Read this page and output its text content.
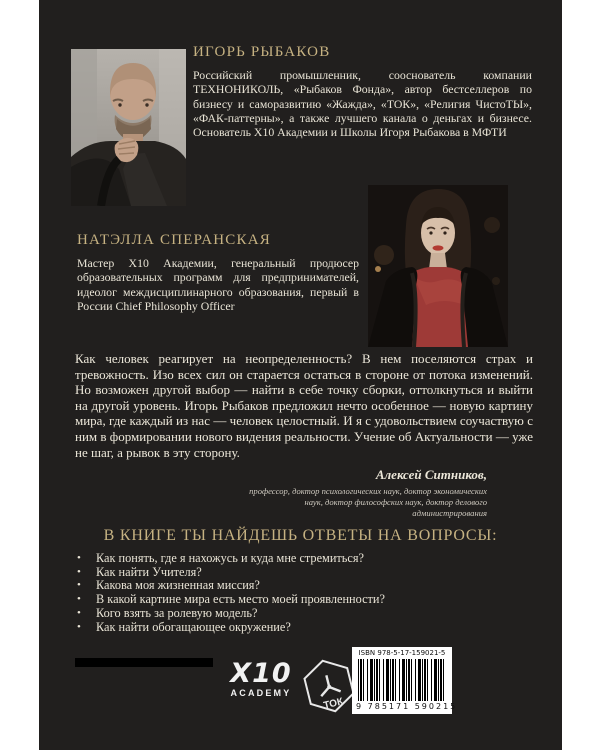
ИГОРЬ РЫБАКОВ
Российский промышленник, сооснователь компании ТЕХНОНИКОЛЬ, «Рыбаков Фонда», автор бестселлеров по бизнесу и саморазвитию «Жажда», «ТОК», «Религия ЧистоТЫ», «ФАК-паттерны», а также лучшего канала о деньгах и бизнесе. Основатель Х10 Академии и Школы Игоря Рыбакова в МФТИ
НАТЭЛЛА СПЕРАНСКАЯ
Мастер Х10 Академии, генеральный продюсер образовательных программ для предпринимателей, идеолог междисциплинарного образования, первый в России Chief Philosophy Officer
Как человек реагирует на неопределенность? В нем поселяются страх и тревожность. Изо всех сил он старается остаться в стороне от потока изменений. Но возможен другой выбор — найти в себе точку сборки, оттолкнуться и выйти на другой уровень. Игорь Рыбаков предложил нечто особенное — новую картину мира, где каждый из нас — человек целостный. И я с удовольствием соучаствую с ним в формировании нового видения реальности. Учение об Актуальности — уже не шаг, а рывок в эту сторону.
Алексей Ситников,
профессор, доктор психологических наук, доктор экономических наук, доктор философских наук, доктор делового администрирования
В КНИГЕ ТЫ НАЙДЕШЬ ОТВЕТЫ НА ВОПРОСЫ:
• Как понять, где я нахожусь и куда мне стремиться?
• Как найти Учителя?
• Какова моя жизненная миссия?
• В какой картине мира есть место моей проявленности?
• Кого взять за ролевую модель?
• Как найти обогащающее окружение?
X10
ACADEMY
ТОК
ISBN 978-5-17-159021-5
9 785171 590215
